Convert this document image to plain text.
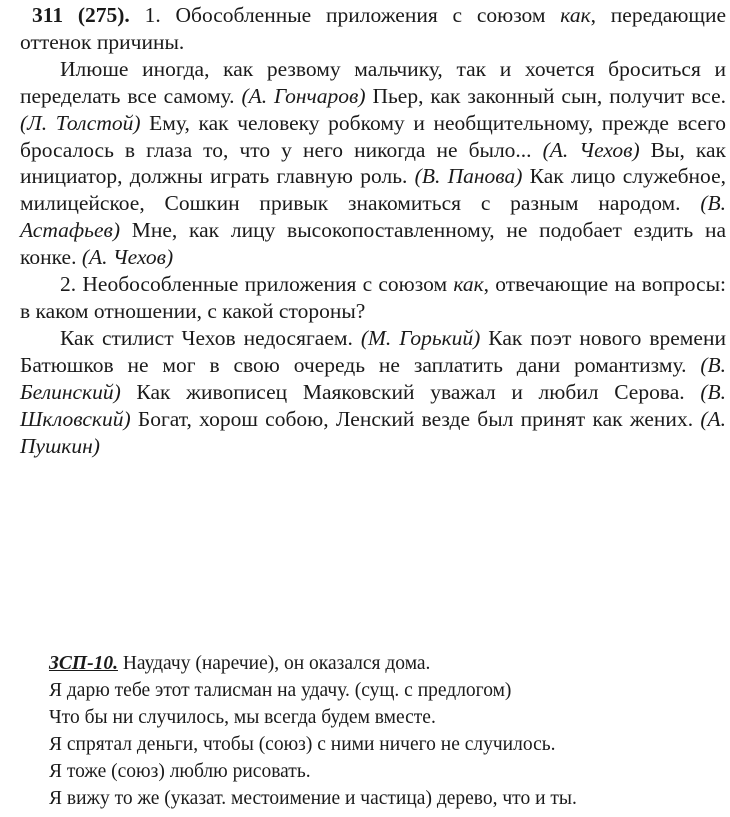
311 (275). 1. Обособленные приложения с союзом как, передающие оттенок причины.

Илюше иногда, как резвому мальчику, так и хочется броситься и переделать все самому. (А. Гончаров) Пьер, как законный сын, получит все. (Л. Толстой) Ему, как человеку робкому и необщительному, прежде всего бросалось в глаза то, что у него никогда не было... (А. Чехов) Вы, как инициатор, должны играть главную роль. (В. Панова) Как лицо служебное, милицейское, Сошкин привык знакомиться с разным народом. (В. Астафьев) Мне, как лицу высокопоставленному, не подобает ездить на конке. (А. Чехов)

2. Необособленные приложения с союзом как, отвечающие на вопросы: в каком отношении, с какой стороны?

Как стилист Чехов недосягаем. (М. Горький) Как поэт нового времени Батюшков не мог в свою очередь не заплатить дани романтизму. (В. Белинский) Как живописец Маяковский уважал и любил Серова. (В. Шкловский) Богат, хорош собою, Ленский везде был принят как жених. (А. Пушкин)

ЗСП-10. Наудачу (наречие), он оказался дома.
Я дарю тебе этот талисман на удачу. (сущ. с предлогом)
Что бы ни случилось, мы всегда будем вместе.
Я спрятал деньги, чтобы (союз) с ними ничего не случилось.
Я тоже (союз) люблю рисовать.
Я вижу то же (указат. местоимение и частица) дерево, что и ты.
